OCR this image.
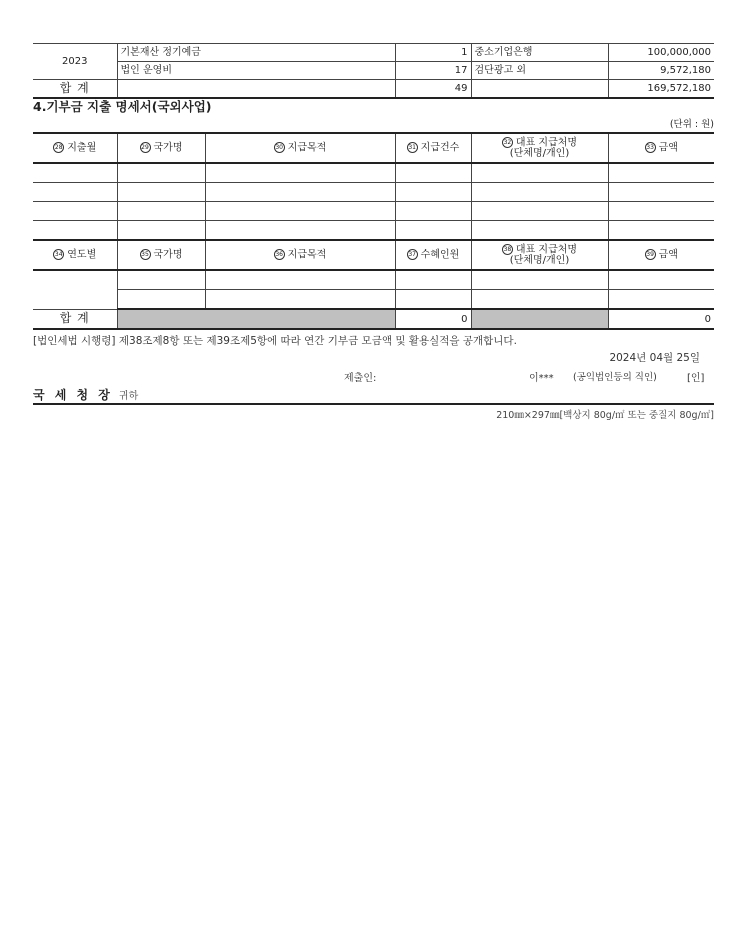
2023	기본재산 정기예금	1	중소기업은행	100,000,000
	법인 운영비	17	검단광고 외	9,572,180
합 계		49		169,572,180
4.기부금 지출 명세서(국외사업)
(단위 : 원)
28 지출월	29 국가명	30 지급목적	31 지급건수	32 대표 지급처명
(단체명/개인)	33 금액

34 연도별	35 국가명	36 지급목적	37 수혜인원	38 대표 지급처명
(단체명/개인)	39 금액

합 계			0		0
[법인세법 시행령] 제38조제8항 또는 제39조제5항에 따라 연간 기부금 모금액 및 활용실적을 공개합니다.
2024년 04월 25일
제출인:	이*** (공익법인등의 직인)	[인]
국 세 청 장 귀하
210㎜×297㎜[백상지 80g/㎡ 또는 중질지 80g/㎡]
